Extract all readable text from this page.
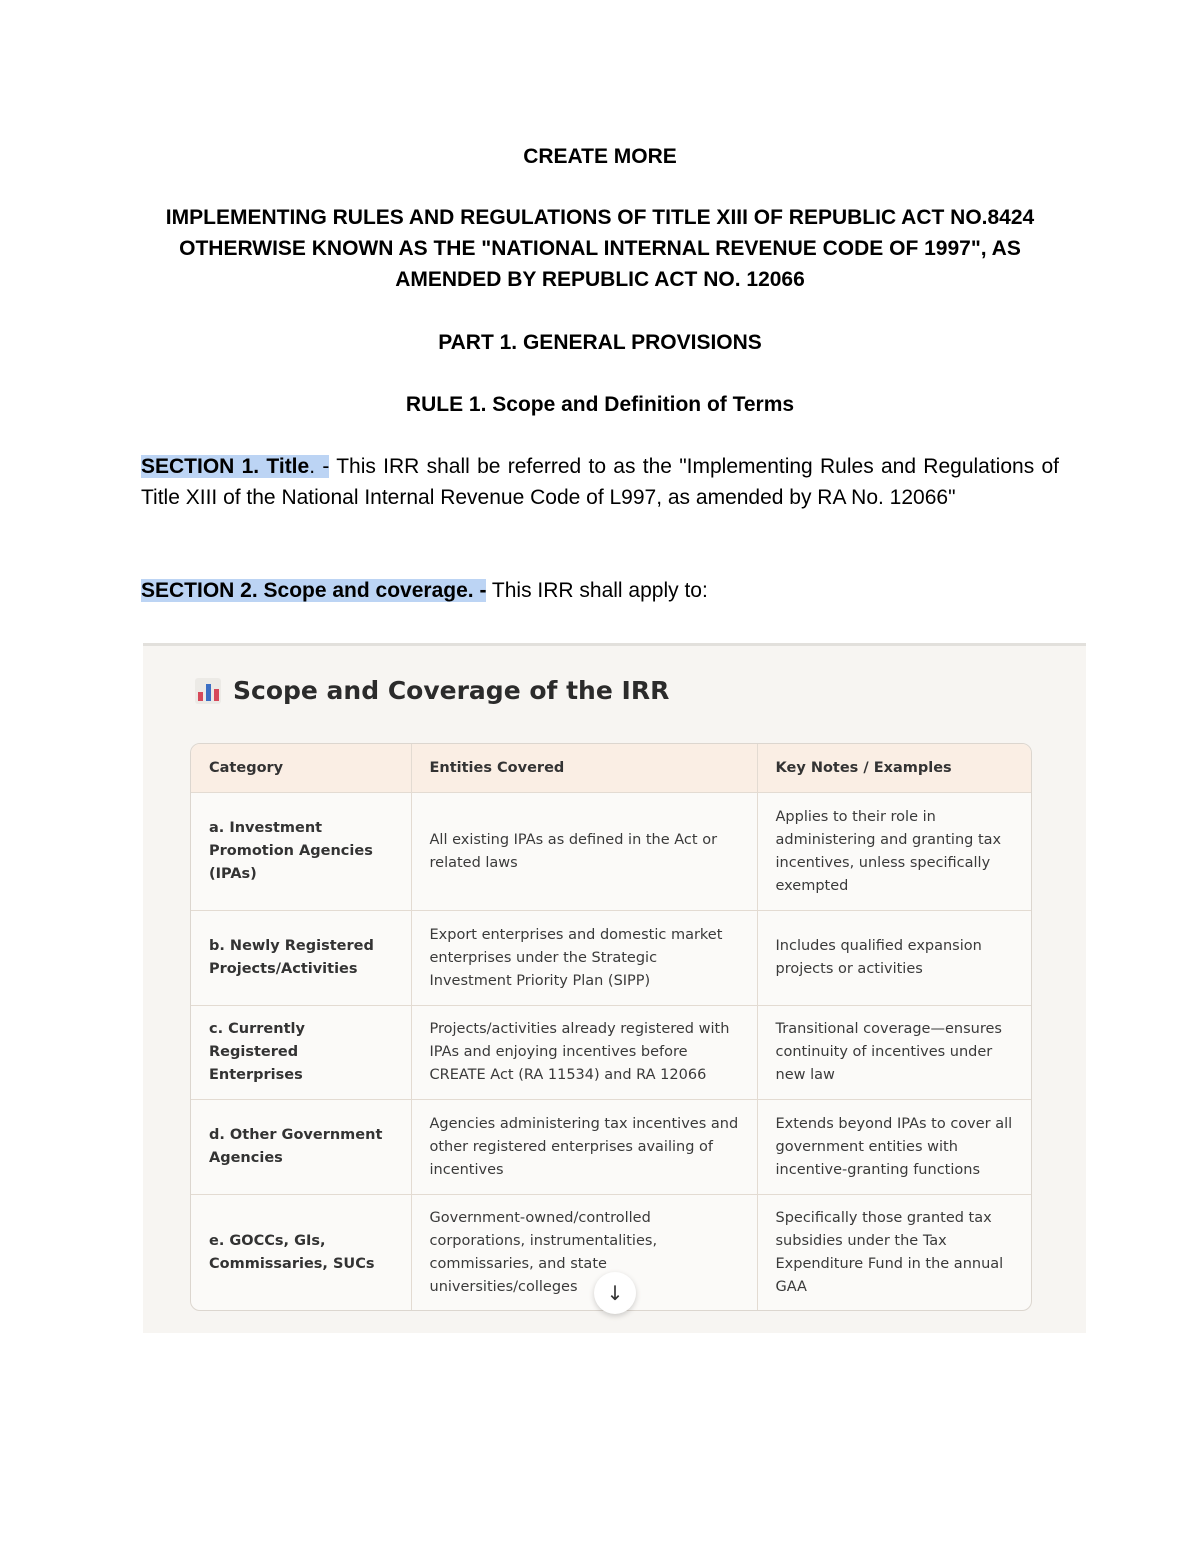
CREATE MORE
IMPLEMENTING RULES AND REGULATIONS OF TITLE XIII OF REPUBLIC ACT NO.8424 OTHERWISE KNOWN AS THE "NATIONAL INTERNAL REVENUE CODE OF 1997", AS AMENDED BY REPUBLIC ACT NO. 12066
PART 1. GENERAL PROVISIONS
RULE 1. Scope and Definition of Terms
SECTION 1. Title. - This IRR shall be referred to as the "Implementing Rules and Regulations of Title XIII of the National Internal Revenue Code of L997, as amended by RA No. 12066"
SECTION 2. Scope and coverage. - This IRR shall apply to:
Scope and Coverage of the IRR
Category	Entities Covered	Key Notes / Examples
a. Investment Promotion Agencies (IPAs)	All existing IPAs as defined in the Act or related laws	Applies to their role in administering and granting tax incentives, unless specifically exempted
b. Newly Registered Projects/Activities	Export enterprises and domestic market enterprises under the Strategic Investment Priority Plan (SIPP)	Includes qualified expansion projects or activities
c. Currently Registered Enterprises	Projects/activities already registered with IPAs and enjoying incentives before CREATE Act (RA 11534) and RA 12066	Transitional coverage—ensures continuity of incentives under new law
d. Other Government Agencies	Agencies administering tax incentives and other registered enterprises availing of incentives	Extends beyond IPAs to cover all government entities with incentive-granting functions
e. GOCCs, GIs, Commissaries, SUCs	Government-owned/controlled corporations, instrumentalities, commissaries, and state universities/colleges	Specifically those granted tax subsidies under the Tax Expenditure Fund in the annual GAA
↓
